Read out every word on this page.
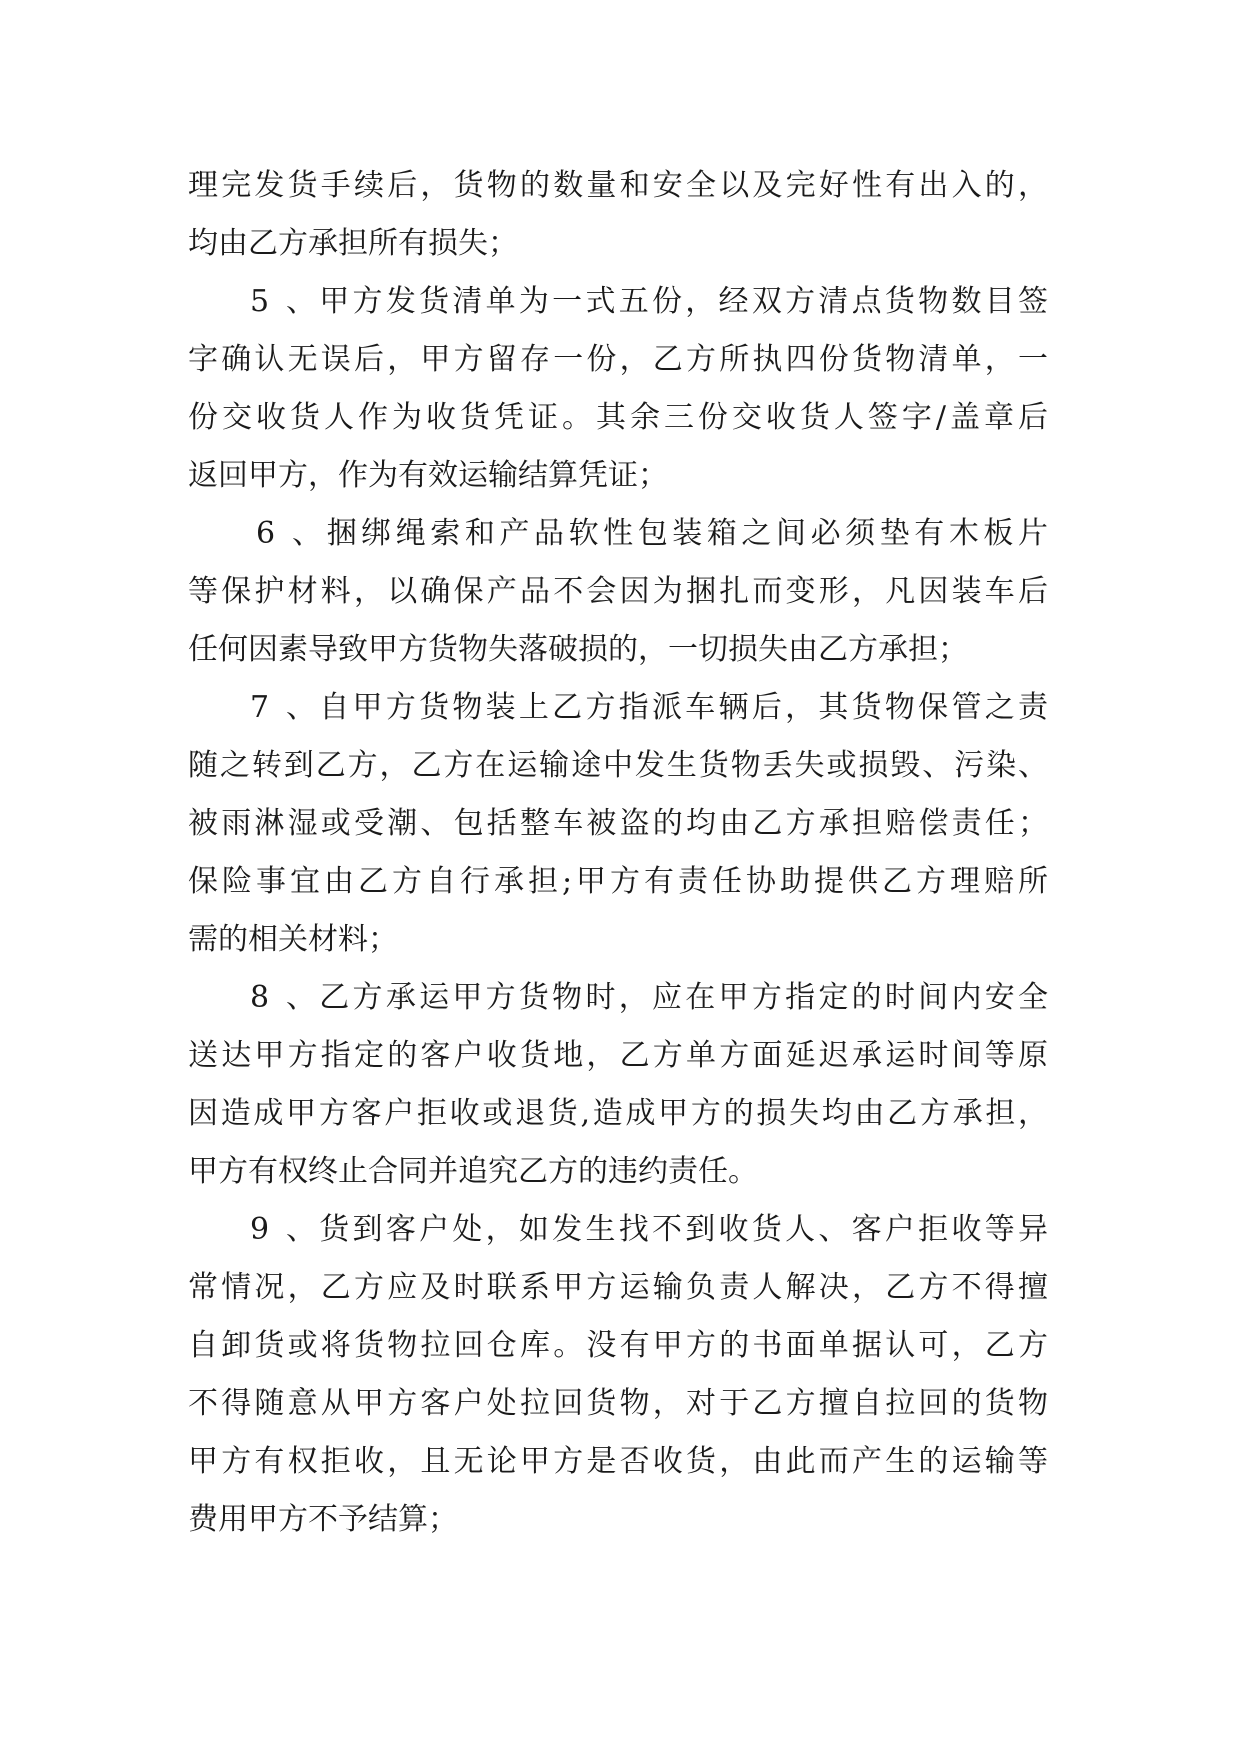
理完发货手续后，货物的数量和安全以及完好性有出入的，
均由乙方承担所有损失；
5、甲方发货清单为一式五份，经双方清点货物数目签
字确认无误后，甲方留存一份，乙方所执四份货物清单，一
份交收货人作为收货凭证。其余三份交收货人签字/盖章后
返回甲方，作为有效运输结算凭证；
6、捆绑绳索和产品软性包装箱之间必须垫有木板片
等保护材料，以确保产品不会因为捆扎而变形，凡因装车后
任何因素导致甲方货物失落破损的，一切损失由乙方承担；
7、自甲方货物装上乙方指派车辆后，其货物保管之责
随之转到乙方，乙方在运输途中发生货物丢失或损毁、污染、
被雨淋湿或受潮、包括整车被盗的均由乙方承担赔偿责任；
保险事宜由乙方自行承担;甲方有责任协助提供乙方理赔所
需的相关材料；
8、乙方承运甲方货物时，应在甲方指定的时间内安全
送达甲方指定的客户收货地，乙方单方面延迟承运时间等原
因造成甲方客户拒收或退货,造成甲方的损失均由乙方承担，
甲方有权终止合同并追究乙方的违约责任。
9、货到客户处，如发生找不到收货人、客户拒收等异
常情况，乙方应及时联系甲方运输负责人解决，乙方不得擅
自卸货或将货物拉回仓库。没有甲方的书面单据认可，乙方
不得随意从甲方客户处拉回货物，对于乙方擅自拉回的货物
甲方有权拒收，且无论甲方是否收货，由此而产生的运输等
费用甲方不予结算；
